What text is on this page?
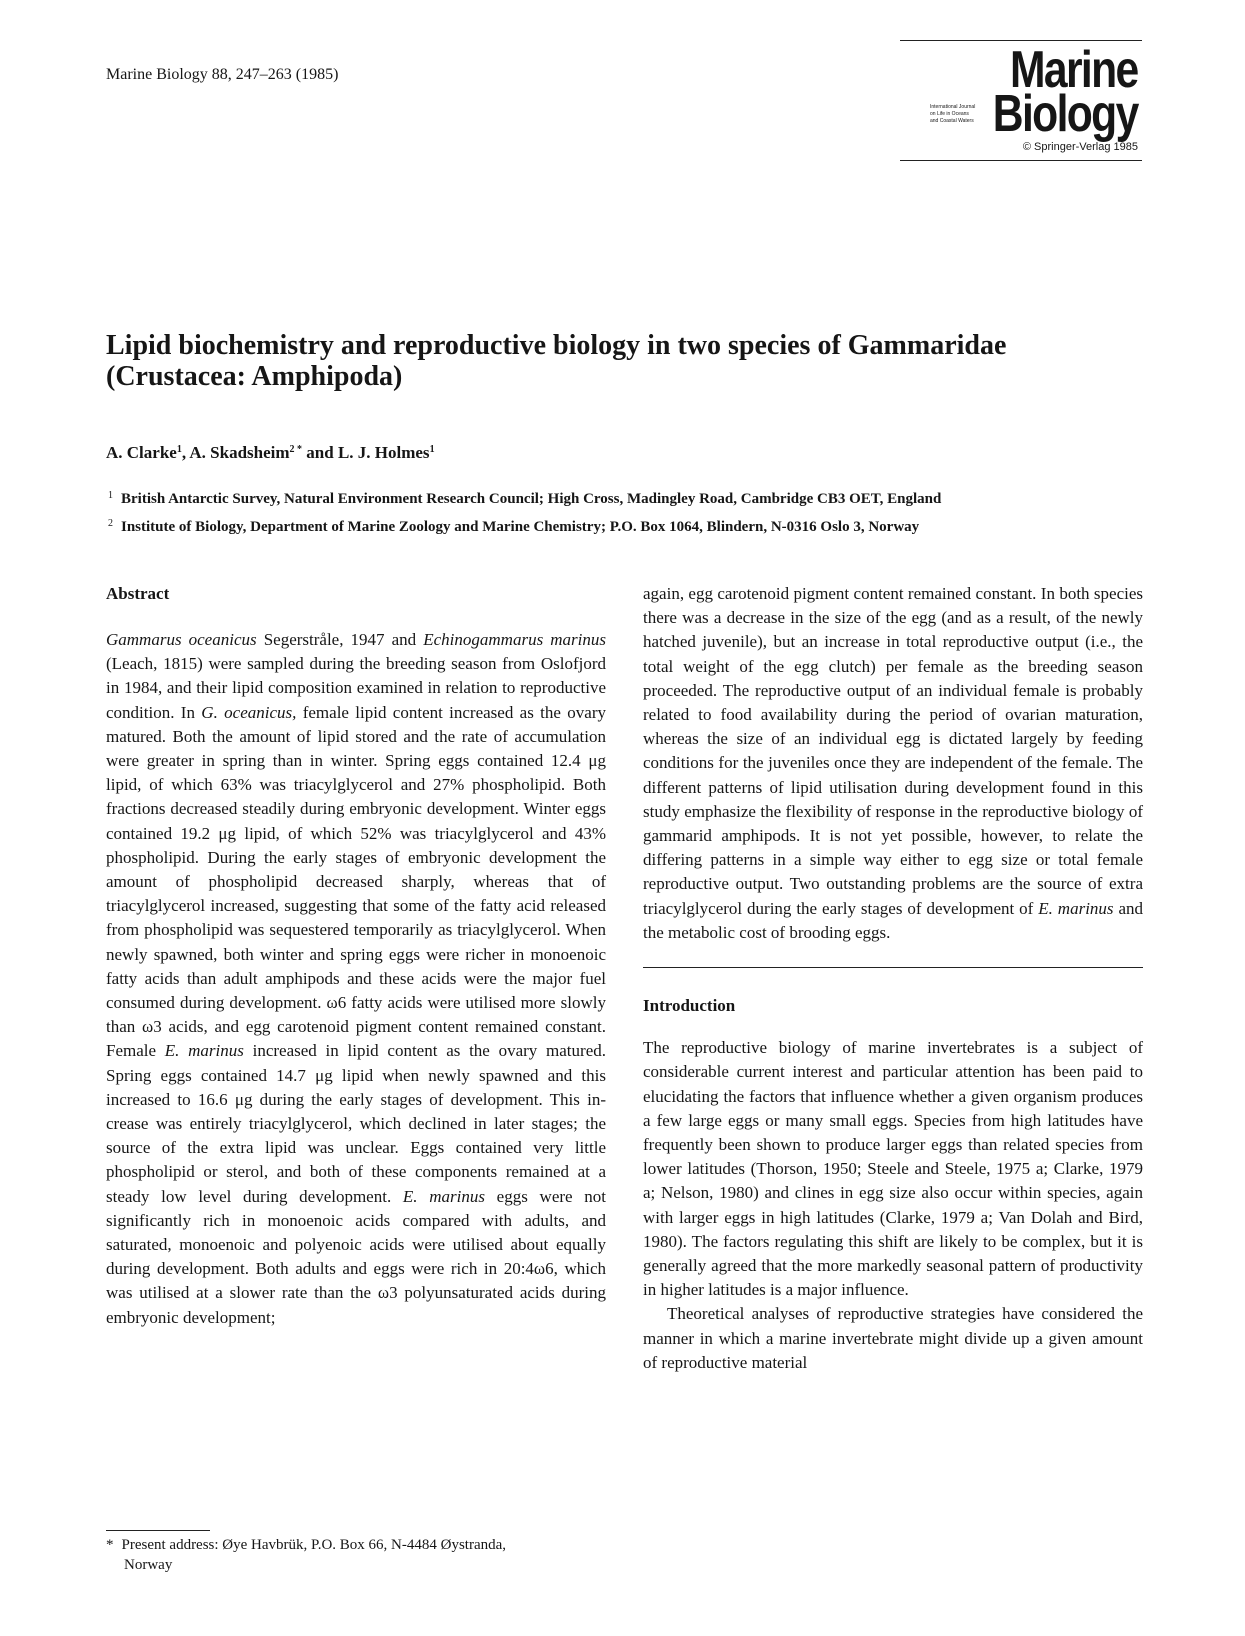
Marine Biology 88, 247–263 (1985)	Marine
International Journal
on Life in Oceans
and Coastal Waters Biology
© Springer-Verlag 1985
Lipid biochemistry and reproductive biology in two species of Gammaridae (Crustacea: Amphipoda)
A. Clarke$^1$, A. Skadsheim$^{2 *}$ and L. J. Holmes$^1$
$^1$ British Antarctic Survey, Natural Environment Research Council; High Cross, Madingley Road, Cambridge CB3 OET, England
$^2$ Institute of Biology, Department of Marine Zoology and Marine Chemistry; P.O. Box 1064, Blindern, N-0316 Oslo 3, Norway
Abstract

Gammarus oceanicus Segerstråle, 1947 and Echinogammarus marinus (Leach, 1815) were sampled during the breeding season from Oslofjord in 1984, and their lipid composition examined in relation to reproductive condition. In G. oceanicus, female lipid content increased as the ovary matured. Both the amount of lipid stored and the rate of accumulation were greater in spring than in winter. Spring eggs contained 12.4 μg lipid, of which 63% was triacylglycerol and 27% phospholipid. Both fractions decreased steadily during embryonic development. Winter eggs contained 19.2 μg lipid, of which 52% was triacylglycerol and 43% phospholipid. During the early stages of embryonic development the amount of phospholipid decreased sharply, whereas that of triacylglycerol increased, suggesting that some of the fatty acid released from phospholipid was sequestered temporarily as triacylglycerol. When newly spawned, both winter and spring eggs were richer in monoenoic fatty acids than adult amphipods and these acids were the major fuel consumed during development. ω6 fatty acids were utilised more slowly than ω3 acids, and egg carotenoid pigment content remained constant. Female E. marinus increased in lipid content as the ovary matured. Spring eggs contained 14.7 μg lipid when newly spawned and this increased to 16.6 μg during the early stages of development. This increase was entirely triacylglycerol, which declined in later stages; the source of the extra lipid was unclear. Eggs contained very little phospholipid or sterol, and both of these components remained at a steady low level during development. E. marinus eggs were not significantly rich in monoenoic acids compared with adults, and saturated, monoenoic and polyenoic acids were utilised about equally during development. Both adults and eggs were rich in 20:4ω6, which was utilised at a slower rate than the ω3 polyunsaturated acids during embryonic development;

again, egg carotenoid pigment content remained constant. In both species there was a decrease in the size of the egg (and as a result, of the newly hatched juvenile), but an increase in total reproductive output (i.e., the total weight of the egg clutch) per female as the breeding season proceeded. The reproductive output of an individual female is probably related to food availability during the period of ovarian maturation, whereas the size of an individual egg is dictated largely by feeding conditions for the juveniles once they are independent of the female. The different patterns of lipid utilisation during development found in this study emphasize the flexibility of response in the reproductive biology of gammarid amphipods. It is not yet possible, however, to relate the differing patterns in a simple way either to egg size or total female reproductive output. Two outstanding problems are the source of extra triacylglycerol during the early stages of development of E. marinus and the metabolic cost of brooding eggs.

Introduction

The reproductive biology of marine invertebrates is a subject of considerable current interest and particular attention has been paid to elucidating the factors that influence whether a given organism produces a few large eggs or many small eggs. Species from high latitudes have frequently been shown to produce larger eggs than related species from lower latitudes (Thorson, 1950; Steele and Steele, 1975 a; Clarke, 1979 a; Nelson, 1980) and clines in egg size also occur within species, again with larger eggs in high latitudes (Clarke, 1979 a; Van Dolah and Bird, 1980). The factors regulating this shift are likely to be complex, but it is generally agreed that the more markedly seasonal pattern of productivity in higher latitudes is a major influence.

Theoretical analyses of reproductive strategies have considered the manner in which a marine invertebrate might divide up a given amount of reproductive material

* Present address: Øye Havbrük, P.O. Box 66, N-4484 Øystranda,
Norway
